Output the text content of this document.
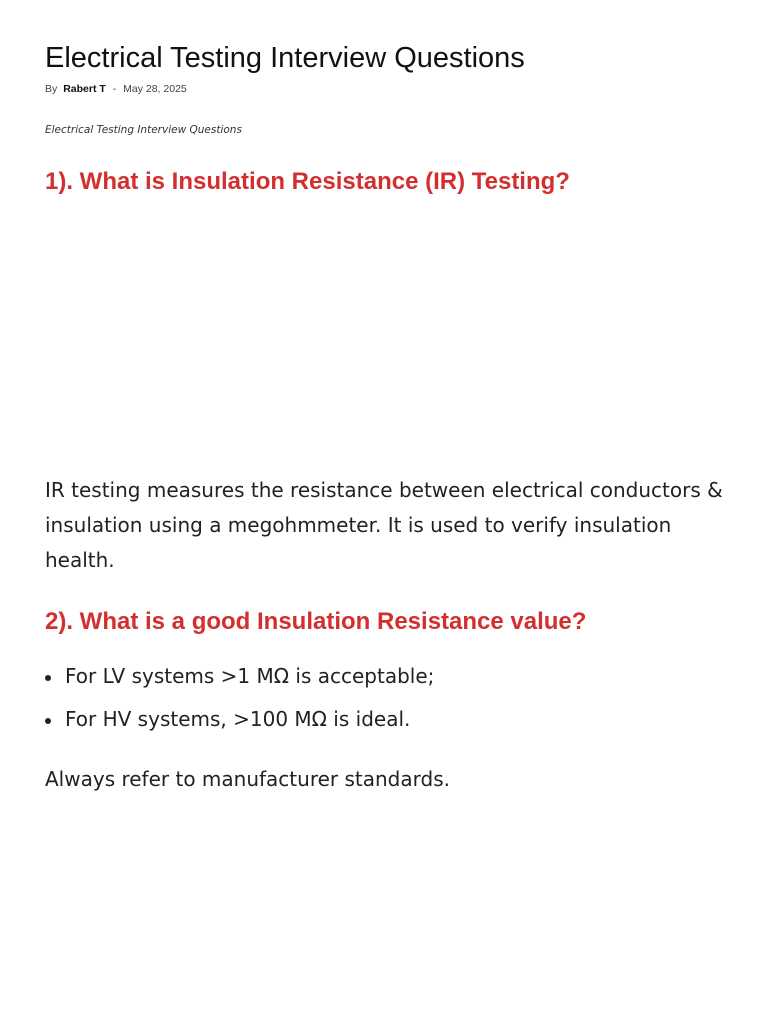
Electrical Testing Interview Questions
By Rabert T - May 28, 2025
Electrical Testing Interview Questions
1). What is Insulation Resistance (IR) Testing?

IR testing measures the resistance between electrical conductors & insulation using a megohmmeter. It is used to verify insulation health.

2). What is a good Insulation Resistance value?
For LV systems >1 MΩ is acceptable;
For HV systems, >100 MΩ is ideal.

Always refer to manufacturer standards.
